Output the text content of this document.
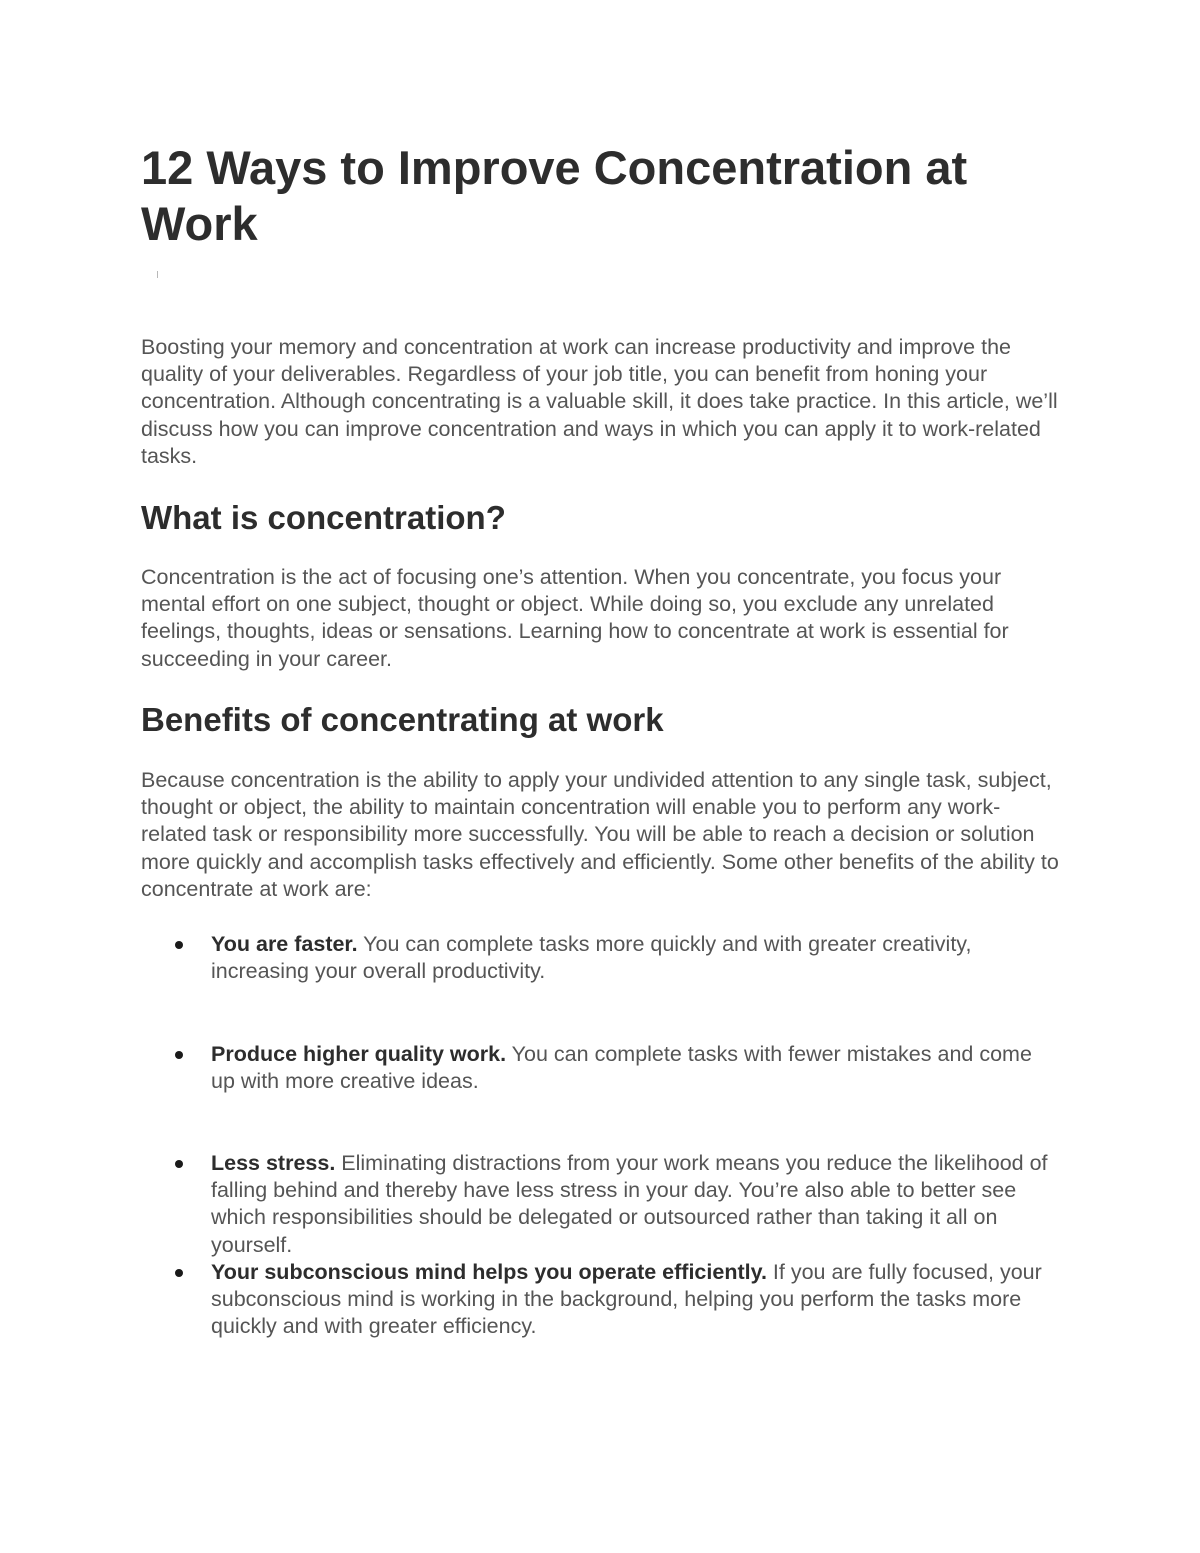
12 Ways to Improve Concentration at Work

Boosting your memory and concentration at work can increase productivity and improve the quality of your deliverables. Regardless of your job title, you can benefit from honing your concentration. Although concentrating is a valuable skill, it does take practice. In this article, we’ll discuss how you can improve concentration and ways in which you can apply it to work-related tasks.

What is concentration?

Concentration is the act of focusing one’s attention. When you concentrate, you focus your mental effort on one subject, thought or object. While doing so, you exclude any unrelated feelings, thoughts, ideas or sensations. Learning how to concentrate at work is essential for succeeding in your career.

Benefits of concentrating at work

Because concentration is the ability to apply your undivided attention to any single task, subject, thought or object, the ability to maintain concentration will enable you to perform any work-related task or responsibility more successfully. You will be able to reach a decision or solution more quickly and accomplish tasks effectively and efficiently. Some other benefits of the ability to concentrate at work are:

You are faster. You can complete tasks more quickly and with greater creativity, increasing your overall productivity.

Produce higher quality work. You can complete tasks with fewer mistakes and come up with more creative ideas.

Less stress. Eliminating distractions from your work means you reduce the likelihood of falling behind and thereby have less stress in your day. You’re also able to better see which responsibilities should be delegated or outsourced rather than taking it all on yourself.

Your subconscious mind helps you operate efficiently. If you are fully focused, your subconscious mind is working in the background, helping you perform the tasks more quickly and with greater efficiency.
